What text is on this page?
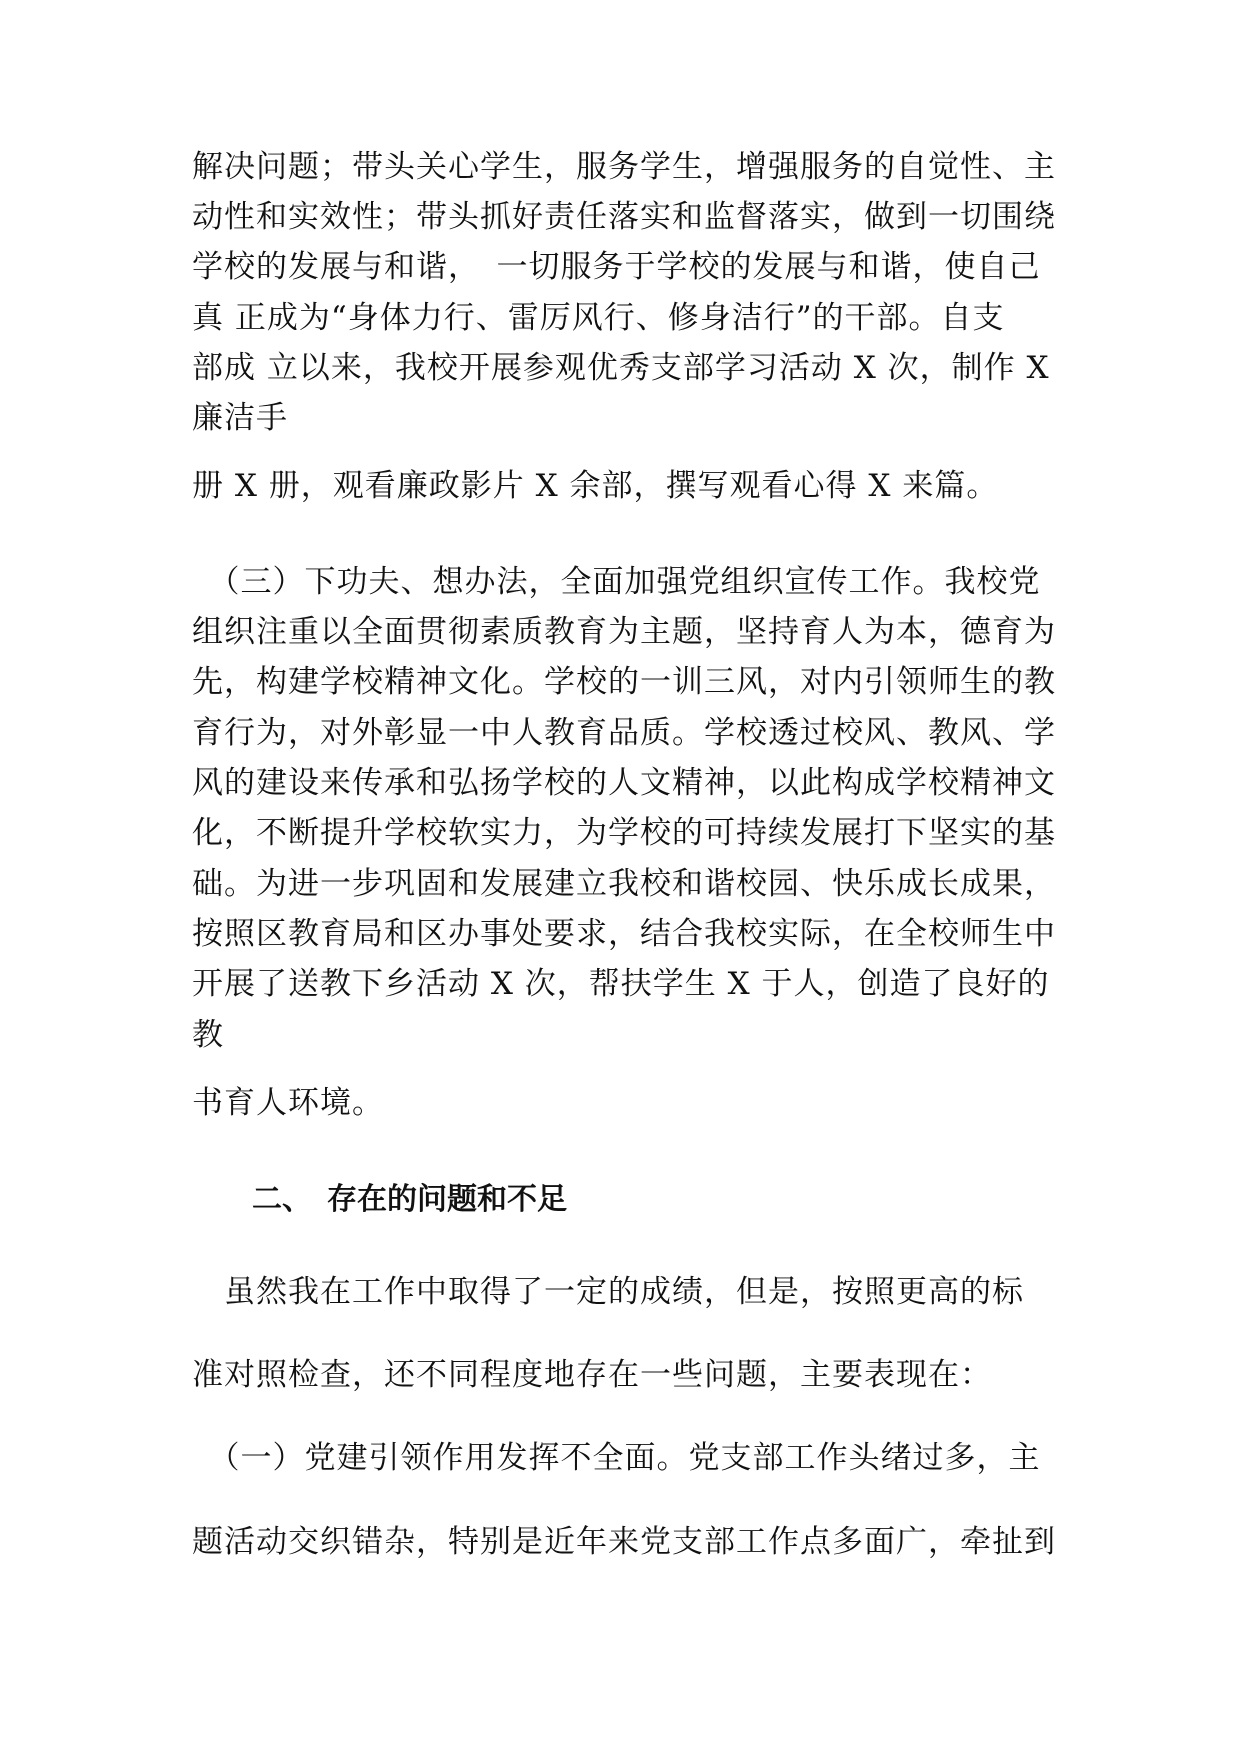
解决问题；带头关心学生，服务学生，增强服务的自觉性、主
动性和实效性；带头抓好责任落实和监督落实，做到一切围绕
学校的发展与和谐，　一切服务于学校的发展与和谐，使自己
真 正成为“身体力行、雷厉风行、修身洁行”的干部。自支
部成 立以来，我校开展参观优秀支部学习活动 X 次，制作 X
廉洁手
册 X 册，观看廉政影片 X 余部，撰写观看心得 X 来篇。
　（三）下功夫、想办法，全面加强党组织宣传工作。我校党
组织注重以全面贯彻素质教育为主题，坚持育人为本，德育为
先，构建学校精神文化。学校的一训三风，对内引领师生的教
育行为，对外彰显一中人教育品质。学校透过校风、教风、学
风的建设来传承和弘扬学校的人文精神，以此构成学校精神文
化，不断提升学校软实力，为学校的可持续发展打下坚实的基
础。为进一步巩固和发展建立我校和谐校园、快乐成长成果，
按照区教育局和区办事处要求，结合我校实际，在全校师生中
开展了送教下乡活动 X 次，帮扶学生 X 于人，创造了良好的
教
书育人环境。
二、　存在的问题和不足
　虽然我在工作中取得了一定的成绩，但是，按照更高的标
准对照检查，还不同程度地存在一些问题，主要表现在：
　（一）党建引领作用发挥不全面。党支部工作头绪过多，主
题活动交织错杂，特别是近年来党支部工作点多面广，牵扯到
